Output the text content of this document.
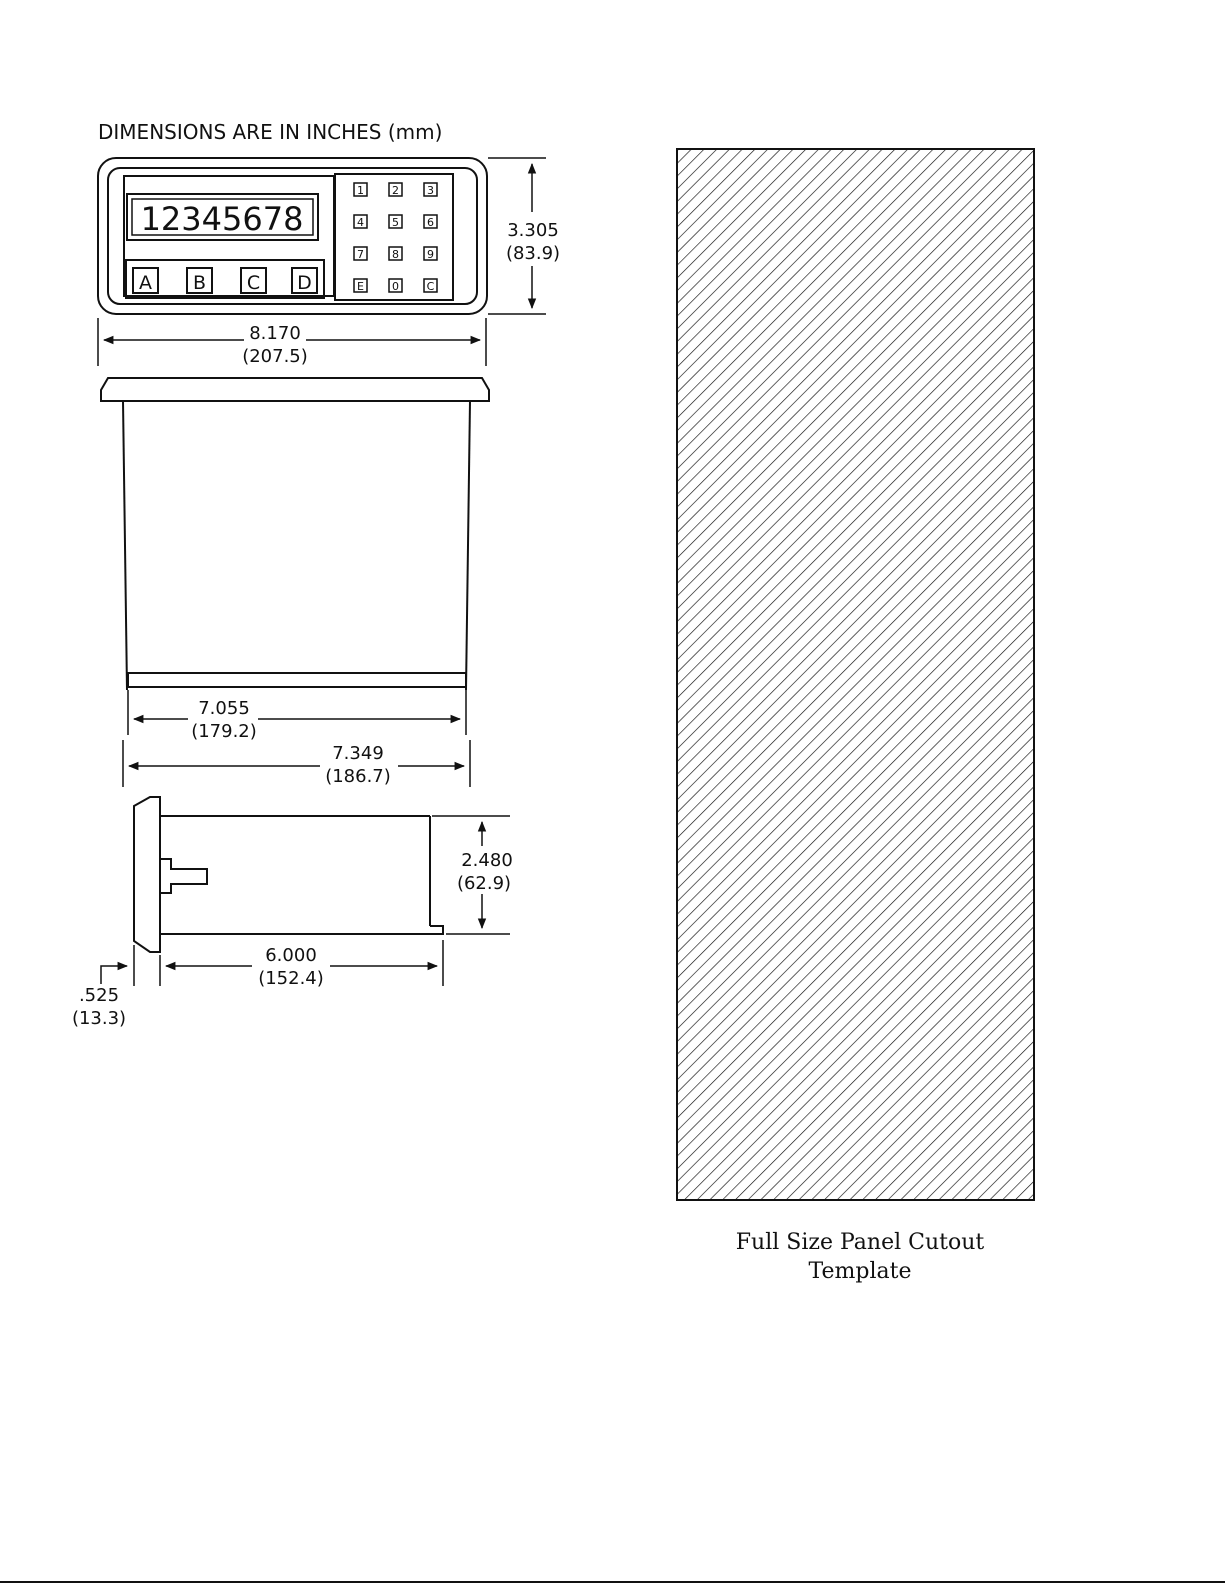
DIMENSIONS ARE IN INCHES (mm)
12345678
A B C D
1	2	3
4	5	6
7	8	9
E	0	C
3.305
(83.9)
8.170
(207.5)
7.055
(179.2)
7.349
(186.7)
2.480
(62.9)
6.000
(152.4)
.525
(13.3)
Full Size Panel Cutout
Template
